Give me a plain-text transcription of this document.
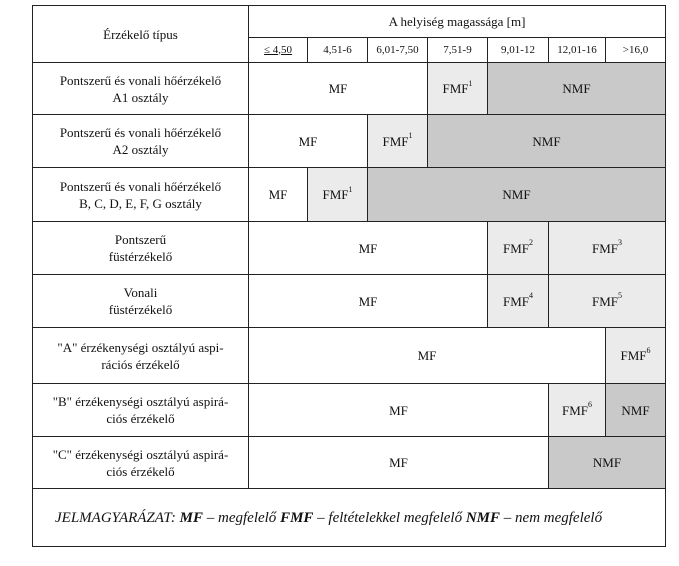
Érzékelő típus	A helyiség magassága [m]						
	≤ 4,50	4,51-6	6,01-7,50	7,51-9	9,01-12	12,01-16	>16,0
Pontszerű és vonali hőérzékelő
A1 osztály	MF			FMF$^1$	NMF		
Pontszerű és vonali hőérzékelő
A2 osztály	MF		FMF$^1$	NMF			
Pontszerű és vonali hőérzékelő
B, C, D, E, F, G osztály	MF	FMF$^1$	NMF				
Pontszerű
füstérzékelő	MF				FMF$^2$	FMF$^3$
Vonali
füstérzékelő	MF				FMF$^4$	FMF$^5$
"A" érzékenységi osztályú aspi-
rációs érzékelő	MF						FMF$^6$
"B" érzékenységi osztályú aspirá-
ciós érzékelő	MF					FMF$^6$	NMF
"C" érzékenységi osztályú aspirá-
ciós érzékelő	MF					NMF	
JELMAGYARÁZAT: MF – megfelelő FMF – feltételekkel megfelelő NMF – nem megfelelő							
